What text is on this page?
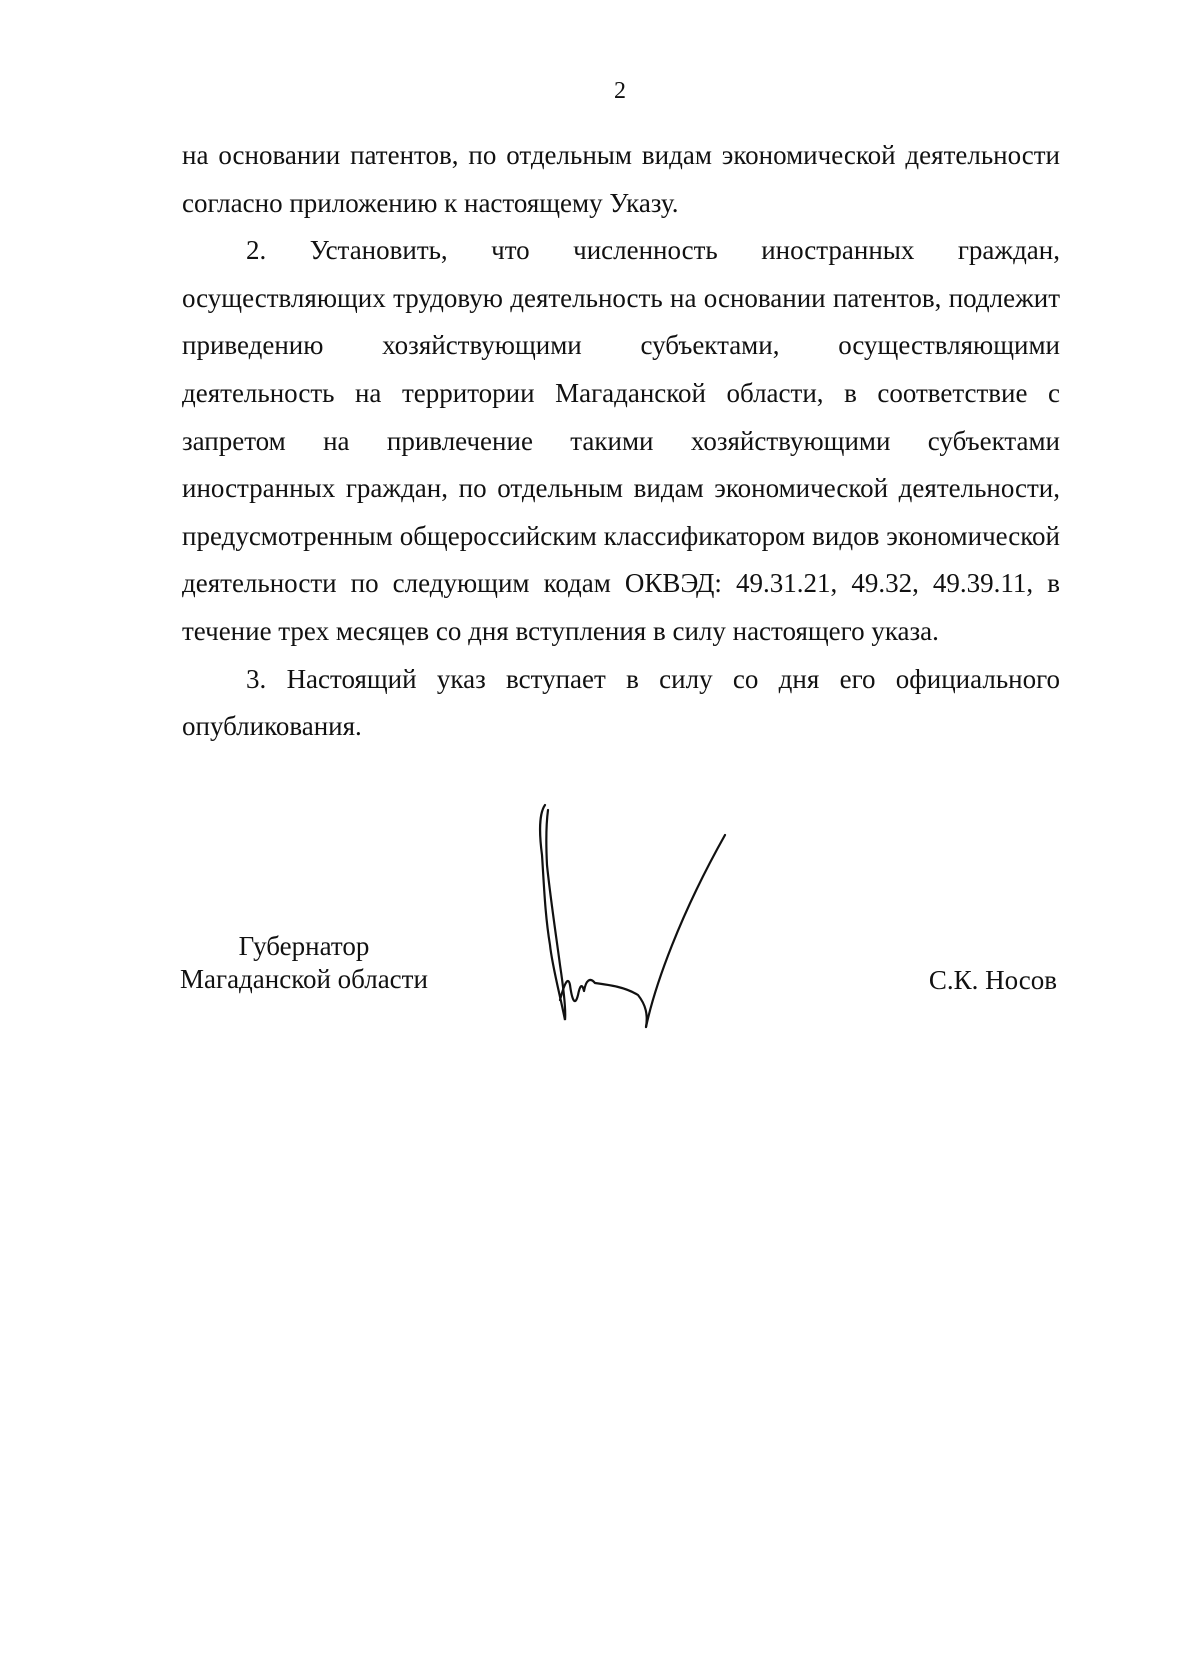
2

на основании патентов, по отдельным видам экономической деятельности согласно приложению к настоящему Указу.

2. Установить, что численность иностранных граждан, осуществляющих трудовую деятельность на основании патентов, подлежит приведению хозяйствующими субъектами, осуществляющими деятельность на территории Магаданской области, в соответствие с запретом на привлечение такими хозяйствующими субъектами иностранных граждан, по отдельным видам экономической деятельности, предусмотренным общероссийским классификатором видов экономической деятельности по следующим кодам ОКВЭД: 49.31.21, 49.32, 49.39.11, в течение трех месяцев со дня вступления в силу настоящего указа.

3. Настоящий указ вступает в силу со дня его официального опубликования.

Губернатор
Магаданской области	С.К. Носов
